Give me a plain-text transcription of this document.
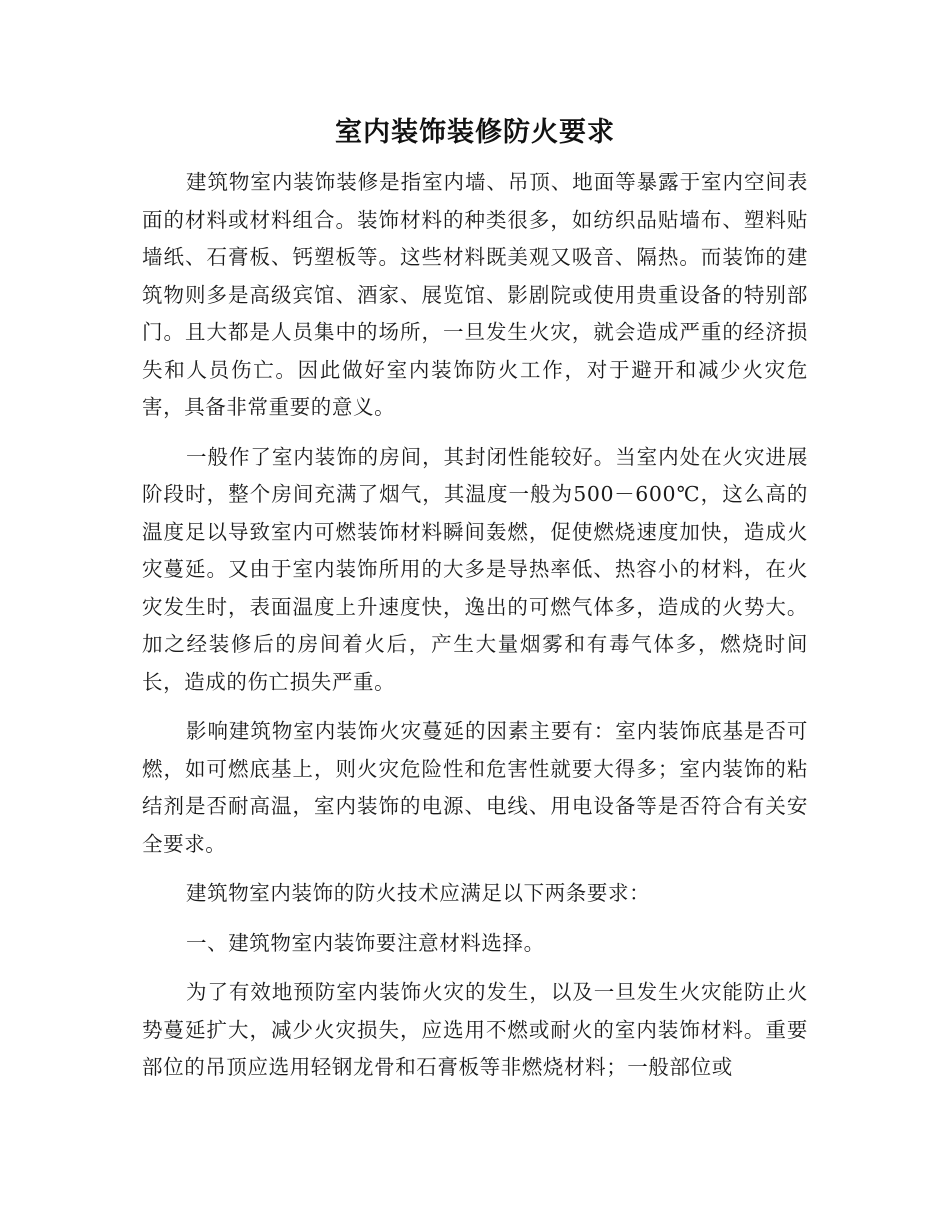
室内装饰装修防火要求

建筑物室内装饰装修是指室内墙、吊顶、地面等暴露于室内空间表面的材料或材料组合。装饰材料的种类很多，如纺织品贴墙布、塑料贴墙纸、石膏板、钙塑板等。这些材料既美观又吸音、隔热。而装饰的建筑物则多是高级宾馆、酒家、展览馆、影剧院或使用贵重设备的特别部门。且大都是人员集中的场所，一旦发生火灾，就会造成严重的经济损失和人员伤亡。因此做好室内装饰防火工作，对于避开和减少火灾危害，具备非常重要的意义。

一般作了室内装饰的房间，其封闭性能较好。当室内处在火灾进展阶段时，整个房间充满了烟气，其温度一般为500－600℃，这么高的温度足以导致室内可燃装饰材料瞬间轰燃，促使燃烧速度加快，造成火灾蔓延。又由于室内装饰所用的大多是导热率低、热容小的材料，在火灾发生时，表面温度上升速度快，逸出的可燃气体多，造成的火势大。加之经装修后的房间着火后，产生大量烟雾和有毒气体多，燃烧时间长，造成的伤亡损失严重。

影响建筑物室内装饰火灾蔓延的因素主要有：室内装饰底基是否可燃，如可燃底基上，则火灾危险性和危害性就要大得多；室内装饰的粘结剂是否耐高温，室内装饰的电源、电线、用电设备等是否符合有关安全要求。

建筑物室内装饰的防火技术应满足以下两条要求：

一、建筑物室内装饰要注意材料选择。

为了有效地预防室内装饰火灾的发生，以及一旦发生火灾能防止火势蔓延扩大，减少火灾损失，应选用不燃或耐火的室内装饰材料。重要部位的吊顶应选用轻钢龙骨和石膏板等非燃烧材料；一般部位或
